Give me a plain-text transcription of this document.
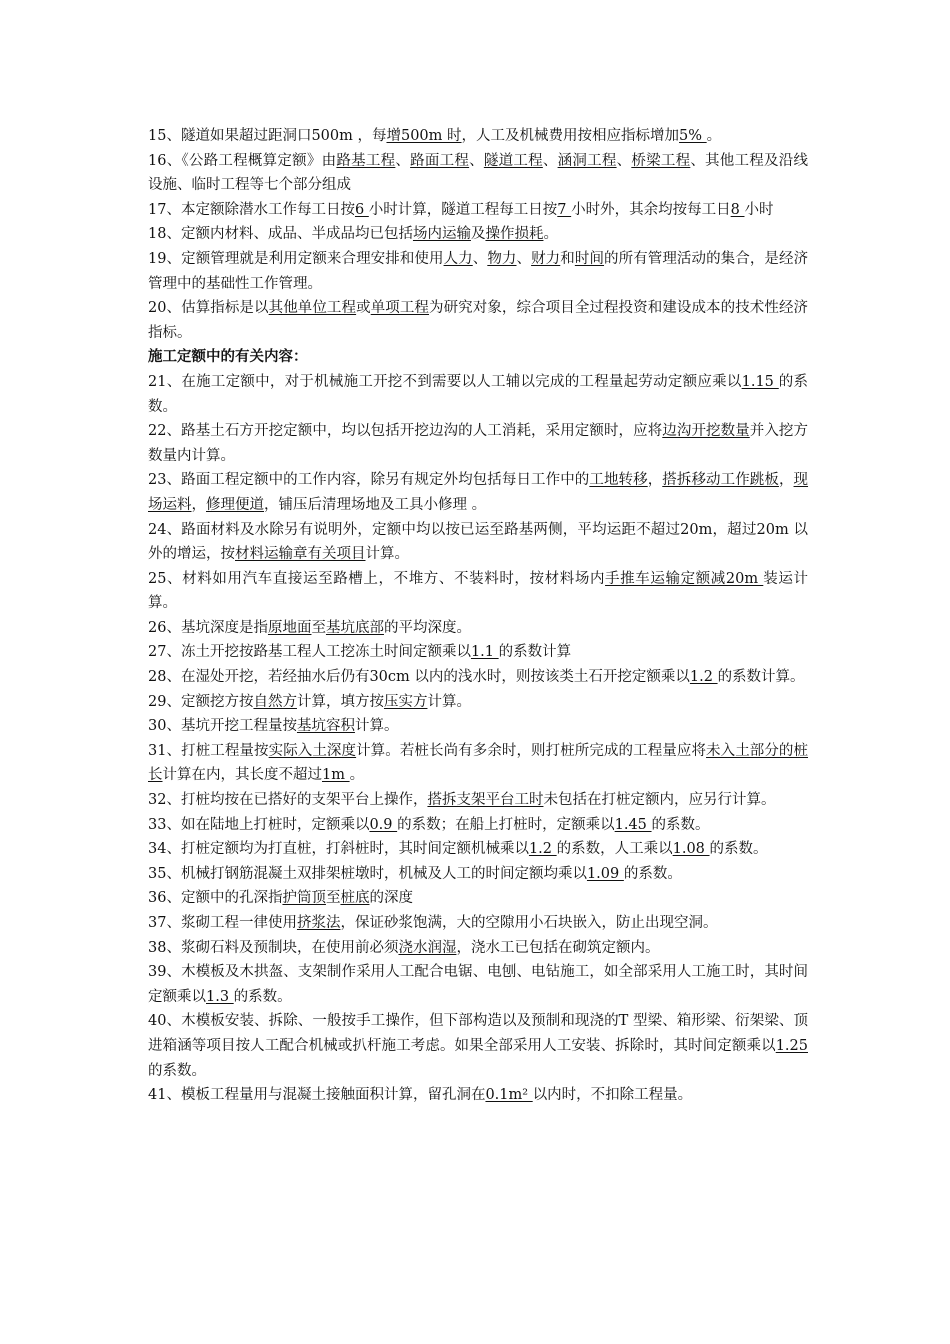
15、隧道如果超过距洞口500m ，每增500m 时，人工及机械费用按相应指标增加5% 。

16、《公路工程概算定额》由路基工程、路面工程、隧道工程、涵洞工程、桥梁工程、其他工程及沿线设施、临时工程等七个部分组成

17、本定额除潜水工作每工日按6 小时计算，隧道工程每工日按7 小时外，其余均按每工日8 小时

18、定额内材料、成品、半成品均已包括场内运输及操作损耗。

19、定额管理就是利用定额来合理安排和使用人力、物力、财力和时间的所有管理活动的集合，是经济管理中的基础性工作管理。

20、估算指标是以其他单位工程或单项工程为研究对象，综合项目全过程投资和建设成本的技术性经济指标。

施工定额中的有关内容：

21、在施工定额中，对于机械施工开挖不到需要以人工辅以完成的工程量起劳动定额应乘以1.15 的系数。

22、路基土石方开挖定额中，均以包括开挖边沟的人工消耗，采用定额时，应将边沟开挖数量并入挖方数量内计算。

23、路面工程定额中的工作内容，除另有规定外均包括每日工作中的工地转移，搭拆移动工作跳板，现场运料，修理便道，铺压后清理场地及工具小修理 。

24、路面材料及水除另有说明外，定额中均以按已运至路基两侧，平均运距不超过20m，超过20m 以外的增运，按材料运输章有关项目计算。

25、材料如用汽车直接运至路槽上，不堆方、不装料时，按材料场内手推车运输定额减20m 装运计算。

26、基坑深度是指原地面至基坑底部的平均深度。

27、冻土开挖按路基工程人工挖冻土时间定额乘以1.1 的系数计算

28、在湿处开挖，若经抽水后仍有30cm 以内的浅水时，则按该类土石开挖定额乘以1.2 的系数计算。

29、定额挖方按自然方计算，填方按压实方计算。

30、基坑开挖工程量按基坑容积计算。

31、打桩工程量按实际入土深度计算。若桩长尚有多余时，则打桩所完成的工程量应将未入土部分的桩长计算在内，其长度不超过1m 。

32、打桩均按在已搭好的支架平台上操作，搭拆支架平台工时未包括在打桩定额内，应另行计算。

33、如在陆地上打桩时，定额乘以0.9 的系数；在船上打桩时，定额乘以1.45 的系数。

34、打桩定额均为打直桩，打斜桩时，其时间定额机械乘以1.2 的系数，人工乘以1.08 的系数。

35、机械打钢筋混凝土双排架桩墩时，机械及人工的时间定额均乘以1.09 的系数。

36、定额中的孔深指护筒顶至桩底的深度

37、浆砌工程一律使用挤浆法，保证砂浆饱满，大的空隙用小石块嵌入，防止出现空洞。

38、浆砌石料及预制块，在使用前必须浇水润湿，浇水工已包括在砌筑定额内。

39、木模板及木拱盔、支架制作采用人工配合电锯、电刨、电钻施工，如全部采用人工施工时，其时间定额乘以1.3 的系数。

40、木模板安装、拆除、一般按手工操作，但下部构造以及预制和现浇的T 型梁、箱形梁、衍架梁、顶进箱涵等项目按人工配合机械或扒杆施工考虑。如果全部采用人工安装、拆除时，其时间定额乘以1.25 的系数。

41、模板工程量用与混凝土接触面积计算，留孔洞在0.1m² 以内时，不扣除工程量。
